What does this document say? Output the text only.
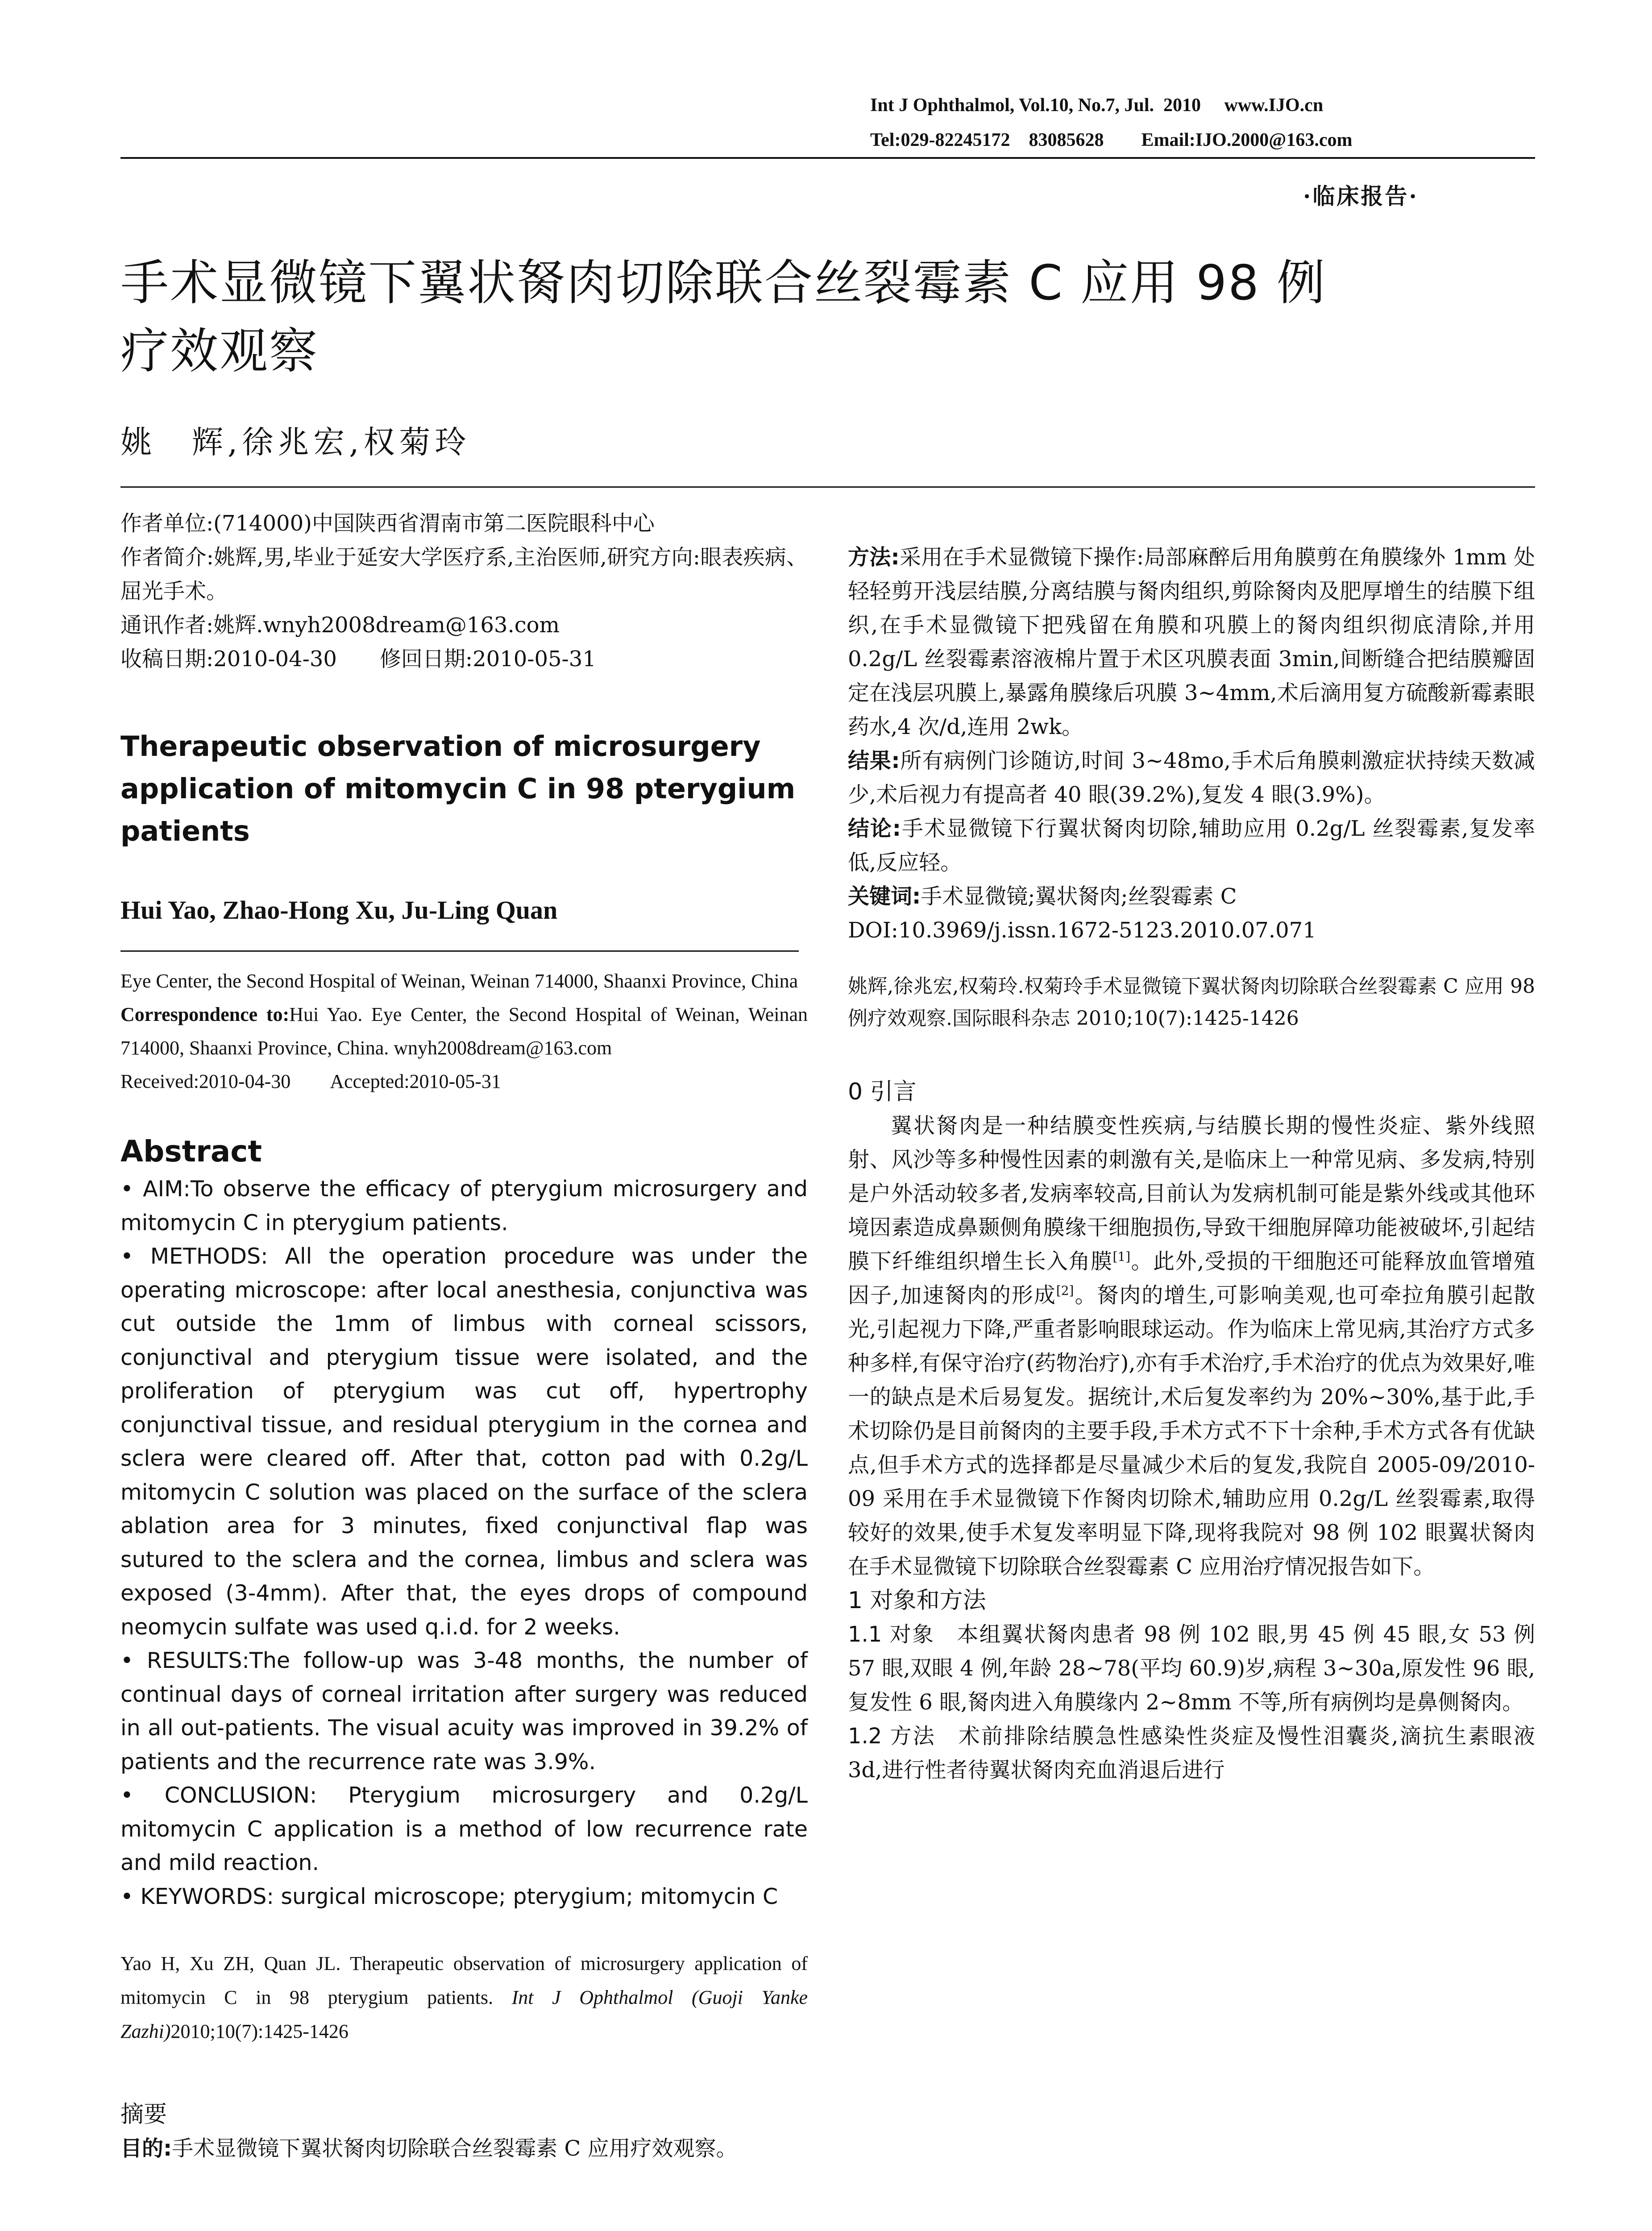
Int J Ophthalmol, Vol.10, No.7, Jul.  2010     www.IJO.cn
Tel:029-82245172    83085628        Email:IJO.2000@163.com
·临床报告·
手术显微镜下翼状胬肉切除联合丝裂霉素 C 应用 98 例
疗效观察
姚　辉,徐兆宏,权菊玲

作者单位:(714000)中国陕西省渭南市第二医院眼科中心

作者简介:姚辉,男,毕业于延安大学医疗系,主治医师,研究方向:眼表疾病、屈光手术。

通讯作者:姚辉.wnyh2008dream@163.com

收稿日期:2010-04-30　　修回日期:2010-05-31

Therapeutic observation of microsurgery application of mitomycin C in 98 pterygium patients
Hui Yao, Zhao-Hong Xu, Ju-Ling Quan

Eye Center, the Second Hospital of Weinan, Weinan 714000, Shaanxi Province, China

Correspondence to:Hui Yao. Eye Center, the Second Hospital of Weinan, Weinan 714000, Shaanxi Province, China. wnyh2008dream@163.com

Received:2010-04-30　　Accepted:2010-05-31

Abstract

• AIM:To observe the efficacy of pterygium microsurgery and mitomycin C in pterygium patients.

• METHODS: All the operation procedure was under the operating microscope: after local anesthesia, conjunctiva was cut outside the 1mm of limbus with corneal scissors, conjunctival and pterygium tissue were isolated, and the proliferation of pterygium was cut off, hypertrophy conjunctival tissue, and residual pterygium in the cornea and sclera were cleared off. After that, cotton pad with 0.2g/L mitomycin C solution was placed on the surface of the sclera ablation area for 3 minutes, fixed conjunctival flap was sutured to the sclera and the cornea, limbus and sclera was exposed (3-4mm). After that, the eyes drops of compound neomycin sulfate was used q.i.d. for 2 weeks.

• RESULTS:The follow-up was 3-48 months, the number of continual days of corneal irritation after surgery was reduced in all out-patients. The visual acuity was improved in 39.2% of patients and the recurrence rate was 3.9%.

• CONCLUSION: Pterygium microsurgery and 0.2g/L mitomycin C application is a method of low recurrence rate and mild reaction.

• KEYWORDS: surgical microscope; pterygium; mitomycin C

Yao H, Xu ZH, Quan JL. Therapeutic observation of microsurgery application of mitomycin C in 98 pterygium patients. Int J Ophthalmol (Guoji Yanke Zazhi)2010;10(7):1425-1426
摘要

目的:手术显微镜下翼状胬肉切除联合丝裂霉素 C 应用疗效观察。

方法:采用在手术显微镜下操作:局部麻醉后用角膜剪在角膜缘外 1mm 处轻轻剪开浅层结膜,分离结膜与胬肉组织,剪除胬肉及肥厚增生的结膜下组织,在手术显微镜下把残留在角膜和巩膜上的胬肉组织彻底清除,并用 0.2g/L 丝裂霉素溶液棉片置于术区巩膜表面 3min,间断缝合把结膜瓣固定在浅层巩膜上,暴露角膜缘后巩膜 3~4mm,术后滴用复方硫酸新霉素眼药水,4 次/d,连用 2wk。

结果:所有病例门诊随访,时间 3~48mo,手术后角膜刺激症状持续天数减少,术后视力有提高者 40 眼(39.2%),复发 4 眼(3.9%)。

结论:手术显微镜下行翼状胬肉切除,辅助应用 0.2g/L 丝裂霉素,复发率低,反应轻。

关键词:手术显微镜;翼状胬肉;丝裂霉素 C

DOI:10.3969/j.issn.1672-5123.2010.07.071

姚辉,徐兆宏,权菊玲.权菊玲手术显微镜下翼状胬肉切除联合丝裂霉素 C 应用 98 例疗效观察.国际眼科杂志 2010;10(7):1425-1426

0 引言

翼状胬肉是一种结膜变性疾病,与结膜长期的慢性炎症、紫外线照射、风沙等多种慢性因素的刺激有关,是临床上一种常见病、多发病,特别是户外活动较多者,发病率较高,目前认为发病机制可能是紫外线或其他环境因素造成鼻颞侧角膜缘干细胞损伤,导致干细胞屏障功能被破坏,引起结膜下纤维组织增生长入角膜[1]。此外,受损的干细胞还可能释放血管增殖因子,加速胬肉的形成[2]。胬肉的增生,可影响美观,也可牵拉角膜引起散光,引起视力下降,严重者影响眼球运动。作为临床上常见病,其治疗方式多种多样,有保守治疗(药物治疗),亦有手术治疗,手术治疗的优点为效果好,唯一的缺点是术后易复发。据统计,术后复发率约为 20%~30%,基于此,手术切除仍是目前胬肉的主要手段,手术方式不下十余种,手术方式各有优缺点,但手术方式的选择都是尽量减少术后的复发,我院自 2005-09/2010-09 采用在手术显微镜下作胬肉切除术,辅助应用 0.2g/L 丝裂霉素,取得较好的效果,使手术复发率明显下降,现将我院对 98 例 102 眼翼状胬肉在手术显微镜下切除联合丝裂霉素 C 应用治疗情况报告如下。

1 对象和方法

1.1 对象　 本组翼状胬肉患者 98 例 102 眼,男 45 例 45 眼,女 53 例 57 眼,双眼 4 例,年龄 28~78(平均 60.9)岁,病程 3~30a,原发性 96 眼,复发性 6 眼,胬肉进入角膜缘内 2~8mm 不等,所有病例均是鼻侧胬肉。

1.2 方法　 术前排除结膜急性感染性炎症及慢性泪囊炎,滴抗生素眼液 3d,进行性者待翼状胬肉充血消退后进行
